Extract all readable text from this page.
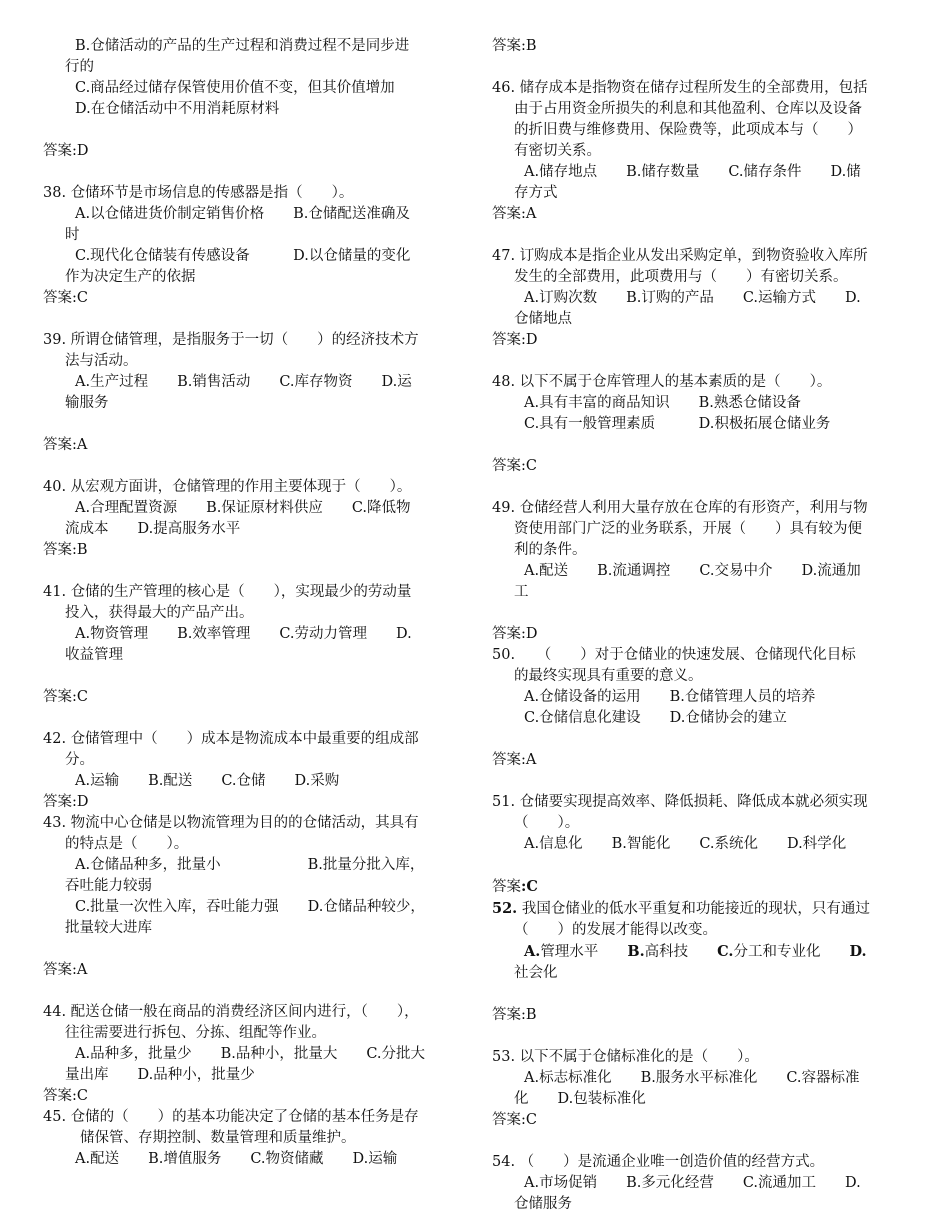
B.仓储活动的产品的生产过程和消费过程不是同步进

行的

C.商品经过储存保管使用价值不变，但其价值增加

D.在仓储活动中不用消耗原材料

答案:D

38. 仓储环节是市场信息的传感器是指（　　）。

A.以仓储进货价制定销售价格　　B.仓储配送准确及

时

C.现代化仓储装有传感设备　　　D.以仓储量的变化

作为决定生产的依据

答案:C

39. 所谓仓储管理，是指服务于一切（　　）的经济技术方

法与活动。

A.生产过程　　B.销售活动　　C.库存物资　　D.运

输服务

答案:A

40. 从宏观方面讲，仓储管理的作用主要体现于（　　）。

A.合理配置资源　　B.保证原材料供应　　C.降低物

流成本　　D.提高服务水平

答案:B

41. 仓储的生产管理的核心是（　　），实现最少的劳动量

投入，获得最大的产品产出。

A.物资管理　　B.效率管理　　C.劳动力管理　　D.

收益管理

答案:C

42. 仓储管理中（　　）成本是物流成本中最重要的组成部

分。

A.运输　　B.配送　　C.仓储　　D.采购

答案:D

43. 物流中心仓储是以物流管理为目的的仓储活动，其具有

的特点是（　　）。

A.仓储品种多，批量小　　　　　　B.批量分批入库，

吞吐能力较弱

C.批量一次性入库，吞吐能力强　　D.仓储品种较少，

批量较大进库

答案:A

44. 配送仓储一般在商品的消费经济区间内进行，（　　），

往往需要进行拆包、分拣、组配等作业。

A.品种多，批量少　　B.品种小，批量大　　C.分批大

量出库　　D.品种小，批量少

答案:C

45. 仓储的（　　）的基本功能决定了仓储的基本任务是存

储保管、存期控制、数量管理和质量维护。

A.配送　　B.增值服务　　C.物资储藏　　D.运输

答案:B

46. 储存成本是指物资在储存过程所发生的全部费用，包括

由于占用资金所损失的利息和其他盈利、仓库以及设备

的折旧费与维修费用、保险费等，此项成本与（　　）

有密切关系。

A.储存地点　　B.储存数量　　C.储存条件　　D.储

存方式

答案:A

47. 订购成本是指企业从发出采购定单，到物资验收入库所

发生的全部费用，此项费用与（　　）有密切关系。

A.订购次数　　B.订购的产品　　C.运输方式　　D.

仓储地点

答案:D

48. 以下不属于仓库管理人的基本素质的是（　　）。

A.具有丰富的商品知识　　B.熟悉仓储设备

C.具有一般管理素质　　　D.积极拓展仓储业务

答案:C

49. 仓储经营人利用大量存放在仓库的有形资产，利用与物

资使用部门广泛的业务联系，开展（　　）具有较为便

利的条件。

A.配送　　B.流通调控　　C.交易中介　　D.流通加

工

答案:D

50.　　（　　）对于仓储业的快速发展、仓储现代化目标

的最终实现具有重要的意义。

A.仓储设备的运用　　B.仓储管理人员的培养

C.仓储信息化建设　　D.仓储协会的建立

答案:A

51. 仓储要实现提高效率、降低损耗、降低成本就必须实现

（　　）。

A.信息化　　B.智能化　　C.系统化　　D.科学化

答案:C

52. 我国仓储业的低水平重复和功能接近的现状，只有通过

（　　）的发展才能得以改变。

A.管理水平　　B.高科技　　C.分工和专业化　　D.

社会化

答案:B

53. 以下不属于仓储标准化的是（　　）。

A.标志标准化　　B.服务水平标准化　　C.容器标准

化　　D.包装标准化

答案:C

54. （　　）是流通企业唯一创造价值的经营方式。

A.市场促销　　B.多元化经营　　C.流通加工　　D.

仓储服务
